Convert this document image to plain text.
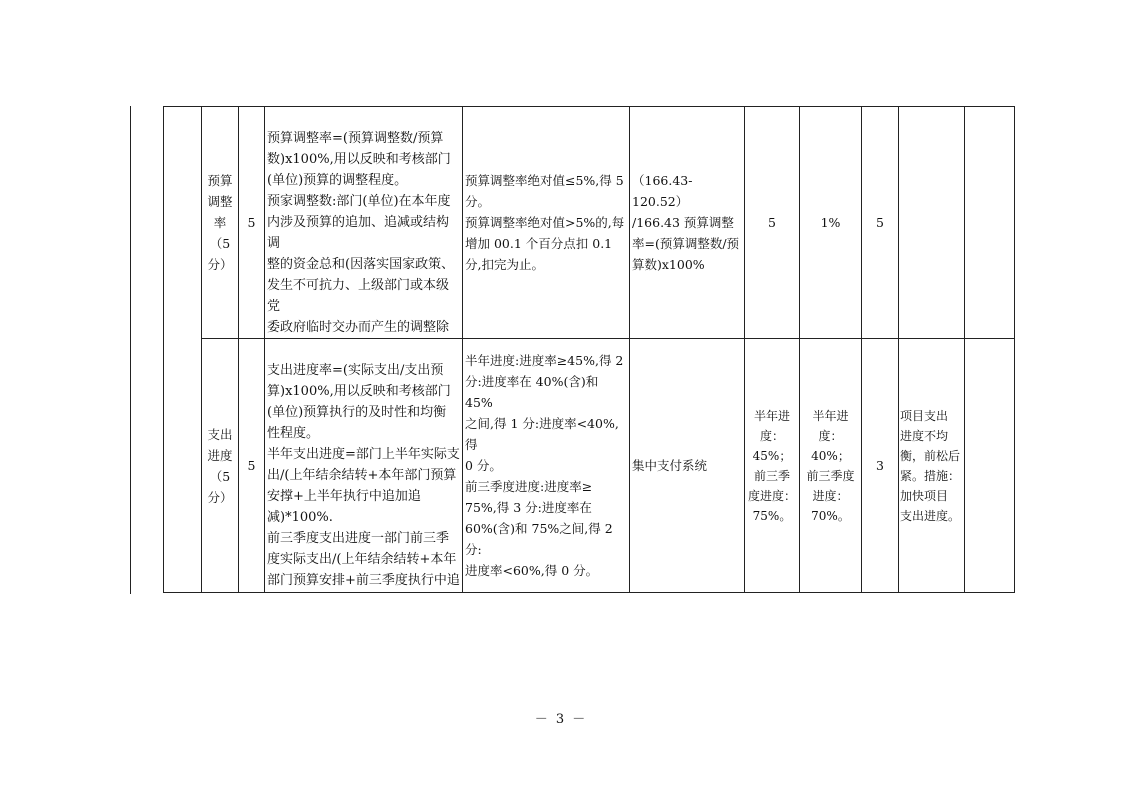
预算
调整
率
（5 分）
5

预算调整率=(预算调整数/预算
数)x100%,用以反映和考核部门
(单位)预算的调整程度。
预家调整数:部门(单位)在本年度
内涉及预算的追加、追减或结构调
整的资金总和(因落实国家政策、
发生不可抗力、上级部门或本级党
委政府临时交办而产生的调整除

预算调整率绝对值≤5%,得 5
分。
预算调整率绝对值>5%的,每
增加 00.1 个百分点扣 0.1
分,扣完为止。
（166.43-120.52）
/166.43 预算调整
率=(预算调整数/预
算数)x100%
5	1%	5
支出
进度
（5 分）
5

支出进度率=(实际支出/支出预
算)x100%,用以反映和考核部门
(单位)预算执行的及时性和均衡
性程度。
半年支出进度=部门上半年实际支
出/(上年结余结转+本年部门预算
安撑+上半年执行中追加追
减)*100%.
前三季度支出进度一部门前三季
度实际支出/(上年结余结转+本年
部门预算安排+前三季度执行中追

半年进度:进度率≥45%,得 2
分:进度率在 40%(含)和 45%
之间,得 1 分:进度率<40%,得
0 分。
前三季度进度:进度率≥
75%,得 3 分:进度率在
60%(含)和 75%之间,得 2 分:
进度率<60%,得 0 分。
集中支付系统
半年进
度：45%；
前三季
度进度：
75%。
半年进
度：40%；
前三季度
进度：
70%。
3
项目支出
进度不均
衡，前松后
紧。措施：
加快项目
支出进度。
－ 3 －
